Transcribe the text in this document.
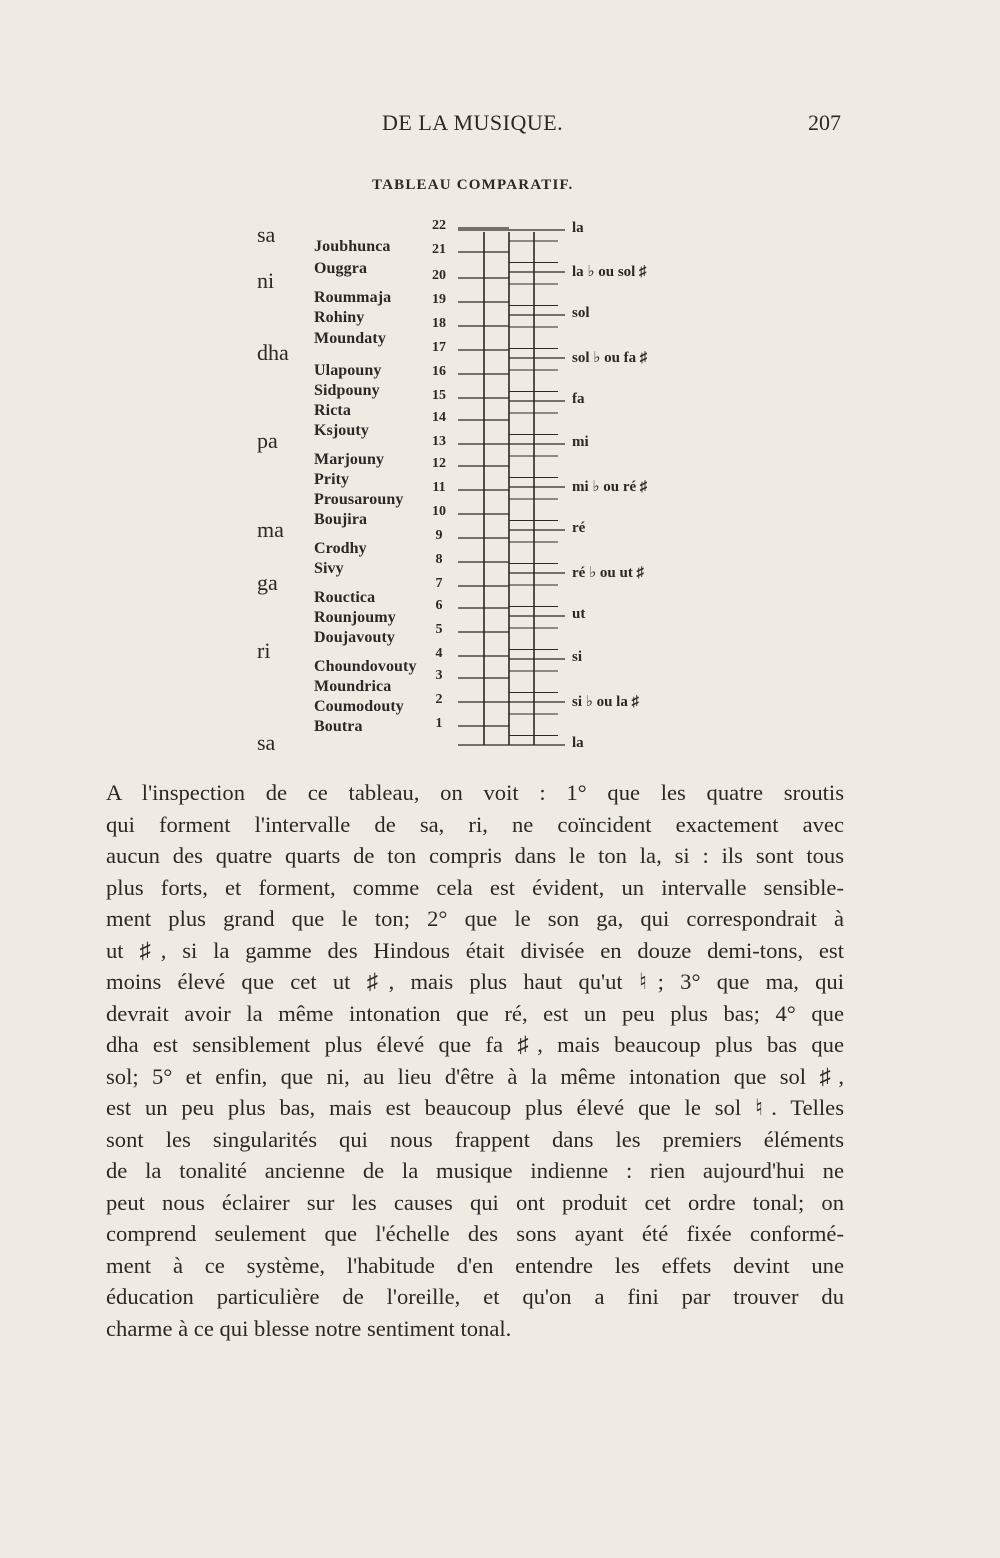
DE LA MUSIQUE.	207
TABLEAU COMPARATIF.
sa
ni
dha
pa
ma
ga
ri
sa
Joubhunca
Ouggra
Roummaja
Rohiny
Moundaty
Ulapouny
Sidpouny
Ricta
Ksjouty
Marjouny
Prity
Prousarouny
Boujira
Crodhy
Sivy
Rouctica
Rounjoumy
Doujavouty
Choundovouty
Moundrica
Coumodouty
Boutra
22
21
20
19
18
17
16
15
14
13
12
11
10
9
8
7
6
5
4
3
2
1
la
la ♭ ou sol ♯
sol
sol ♭ ou fa ♯
fa
mi
mi ♭ ou ré ♯
ré
ré ♭ ou ut ♯
ut
si
si ♭ ou la ♯
la
A l'inspection de ce tableau, on voit : 1° que les quatre sroutis
qui forment l'intervalle de sa, ri, ne coïncident exactement avec
aucun des quatre quarts de ton compris dans le ton la, si : ils sont tous
plus forts, et forment, comme cela est évident, un intervalle sensible-
ment plus grand que le ton; 2° que le son ga, qui correspondrait à
ut ♯, si la gamme des Hindous était divisée en douze demi-tons, est
moins élevé que cet ut ♯, mais plus haut qu'ut ♮; 3° que ma, qui
devrait avoir la même intonation que ré, est un peu plus bas; 4° que
dha est sensiblement plus élevé que fa ♯, mais beaucoup plus bas que
sol; 5° et enfin, que ni, au lieu d'être à la même intonation que sol ♯,
est un peu plus bas, mais est beaucoup plus élevé que le sol ♮. Telles
sont les singularités qui nous frappent dans les premiers éléments
de la tonalité ancienne de la musique indienne : rien aujourd'hui ne
peut nous éclairer sur les causes qui ont produit cet ordre tonal; on
comprend seulement que l'échelle des sons ayant été fixée conformé-
ment à ce système, l'habitude d'en entendre les effets devint une
éducation particulière de l'oreille, et qu'on a fini par trouver du
charme à ce qui blesse notre sentiment tonal.
